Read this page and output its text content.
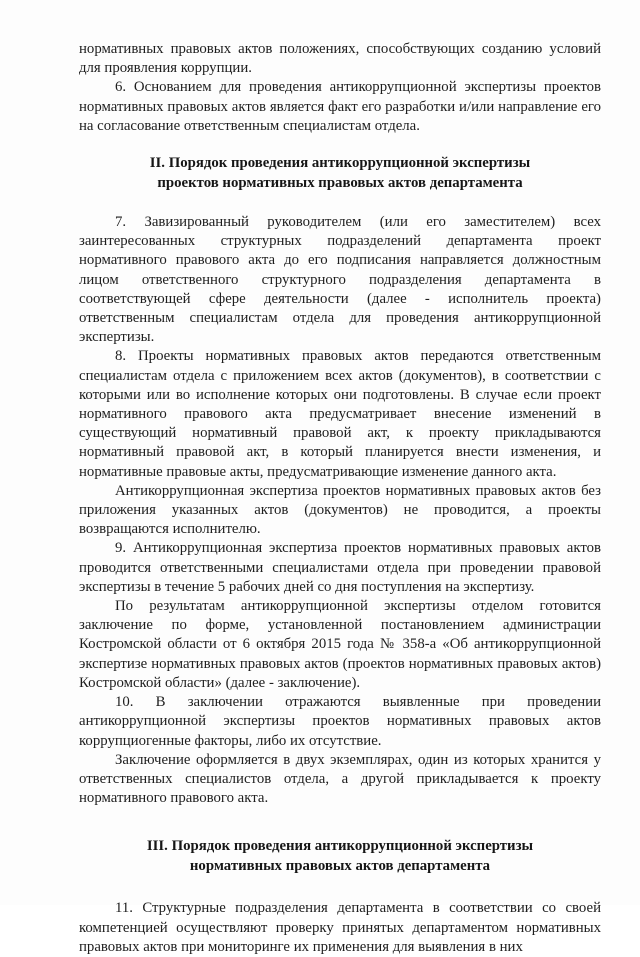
нормативных правовых актов положениях, способствующих созданию условий для проявления коррупции.

6. Основанием для проведения антикоррупционной экспертизы проектов нормативных правовых актов является факт его разработки и/или направление его на согласование ответственным специалистам отдела.

II. Порядок проведения антикоррупционной экспертизы
проектов нормативных правовых актов департамента

7. Завизированный руководителем (или его заместителем) всех заинтересованных структурных подразделений департамента проект нормативного правового акта до его подписания направляется должностным лицом ответственного структурного подразделения департамента в соответствующей сфере деятельности (далее - исполнитель проекта) ответственным специалистам отдела для проведения антикоррупционной экспертизы.

8. Проекты нормативных правовых актов передаются ответственным специалистам отдела с приложением всех актов (документов), в соответствии с которыми или во исполнение которых они подготовлены. В случае если проект нормативного правового акта предусматривает внесение изменений в существующий нормативный правовой акт, к проекту прикладываются нормативный правовой акт, в который планируется внести изменения, и нормативные правовые акты, предусматривающие изменение данного акта.

Антикоррупционная экспертиза проектов нормативных правовых актов без приложения указанных актов (документов) не проводится, а проекты возвращаются исполнителю.

9. Антикоррупционная экспертиза проектов нормативных правовых актов проводится ответственными специалистами отдела при проведении правовой экспертизы в течение 5 рабочих дней со дня поступления на экспертизу.

По результатам антикоррупционной экспертизы отделом готовится заключение по форме, установленной постановлением администрации Костромской области от 6 октября 2015 года № 358-а «Об антикоррупционной экспертизе нормативных правовых актов (проектов нормативных правовых актов) Костромской области» (далее - заключение).

10. В заключении отражаются выявленные при проведении антикоррупционной экспертизы проектов нормативных правовых актов коррупциогенные факторы, либо их отсутствие.

Заключение оформляется в двух экземплярах, один из которых хранится у ответственных специалистов отдела, а другой прикладывается к проекту нормативного правового акта.

III. Порядок проведения антикоррупционной экспертизы
нормативных правовых актов департамента

11. Структурные подразделения департамента в соответствии со своей компетенцией осуществляют проверку принятых департаментом нормативных правовых актов при мониторинге их применения для выявления в них
